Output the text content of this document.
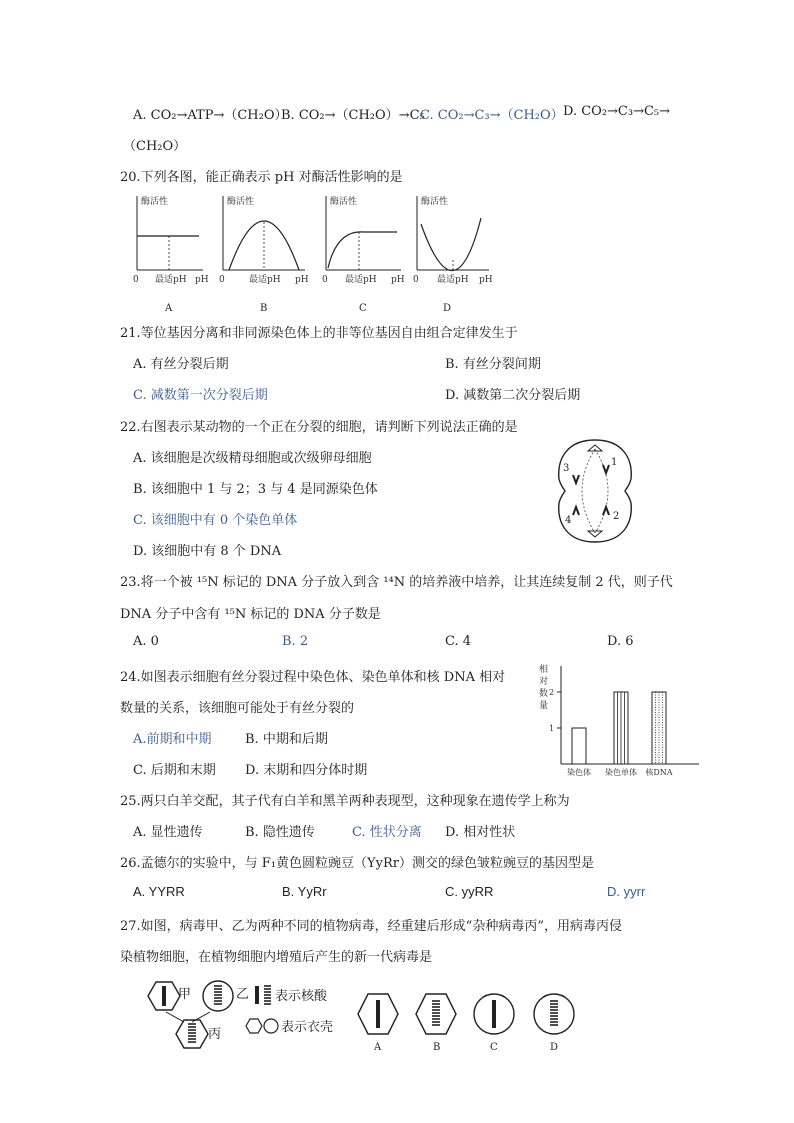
A. CO₂→ATP→（CH₂O）
B. CO₂→（CH₂O）→C₅
C. CO₂→C₃→（CH₂O） D. CO₂→C₃→C₅→
（CH₂O）
20.下列各图，能正确表示 pH 对酶活性影响的是
酶活性
0 最适pH pH
A
酶活性
0	最适pH pH
B
酶活性
0 最适pH pH
C
酶活性
0 最适pH pH
D
21.等位基因分离和非同源染色体上的非等位基因自由组合定律发生于
A. 有丝分裂后期	B. 有丝分裂间期
C. 减数第一次分裂后期	D. 减数第二次分裂后期
22.右图表示某动物的一个正在分裂的细胞，请判断下列说法正确的是
A. 该细胞是次级精母细胞或次级卵母细胞
B. 该细胞中 1 与 2；3 与 4 是同源染色体
C. 该细胞中有 0 个染色单体
D. 该细胞中有 8 个 DNA
3
1
4	2
23.将一个被 ¹⁵N 标记的 DNA 分子放入到含 ¹⁴N 的培养液中培养，让其连续复制 2 代，则子代
DNA 分子中含有 ¹⁵N 标记的 DNA 分子数是
A. 0	B. 2	C. 4	D. 6
24.如图表示细胞有丝分裂过程中染色体、染色单体和核 DNA 相对
数量的关系，该细胞可能处于有丝分裂的
A.前期和中期	B. 中期和后期
C. 后期和末期 D. 末期和四分体时期
相
对
数
量
1
2
染色体 染色单体 核DNA
25.两只白羊交配，其子代有白羊和黑羊两种表现型，这种现象在遗传学上称为
A. 显性遗传	B. 隐性遗传	C. 性状分离 D. 相对性状
26.孟德尔的实验中，与 F₁黄色圆粒豌豆（YyRr）测交的绿色皱粒豌豆的基因型是
A. YYRR	B. YyRr	C. yyRR	D. yyrr
27.如图，病毒甲、乙为两种不同的植物病毒，经重建后形成“杂种病毒丙”，用病毒丙侵
染植物细胞，在植物细胞内增殖后产生的新一代病毒是
甲	乙
丙
表示核酸
表示衣壳
A	B	C	D
